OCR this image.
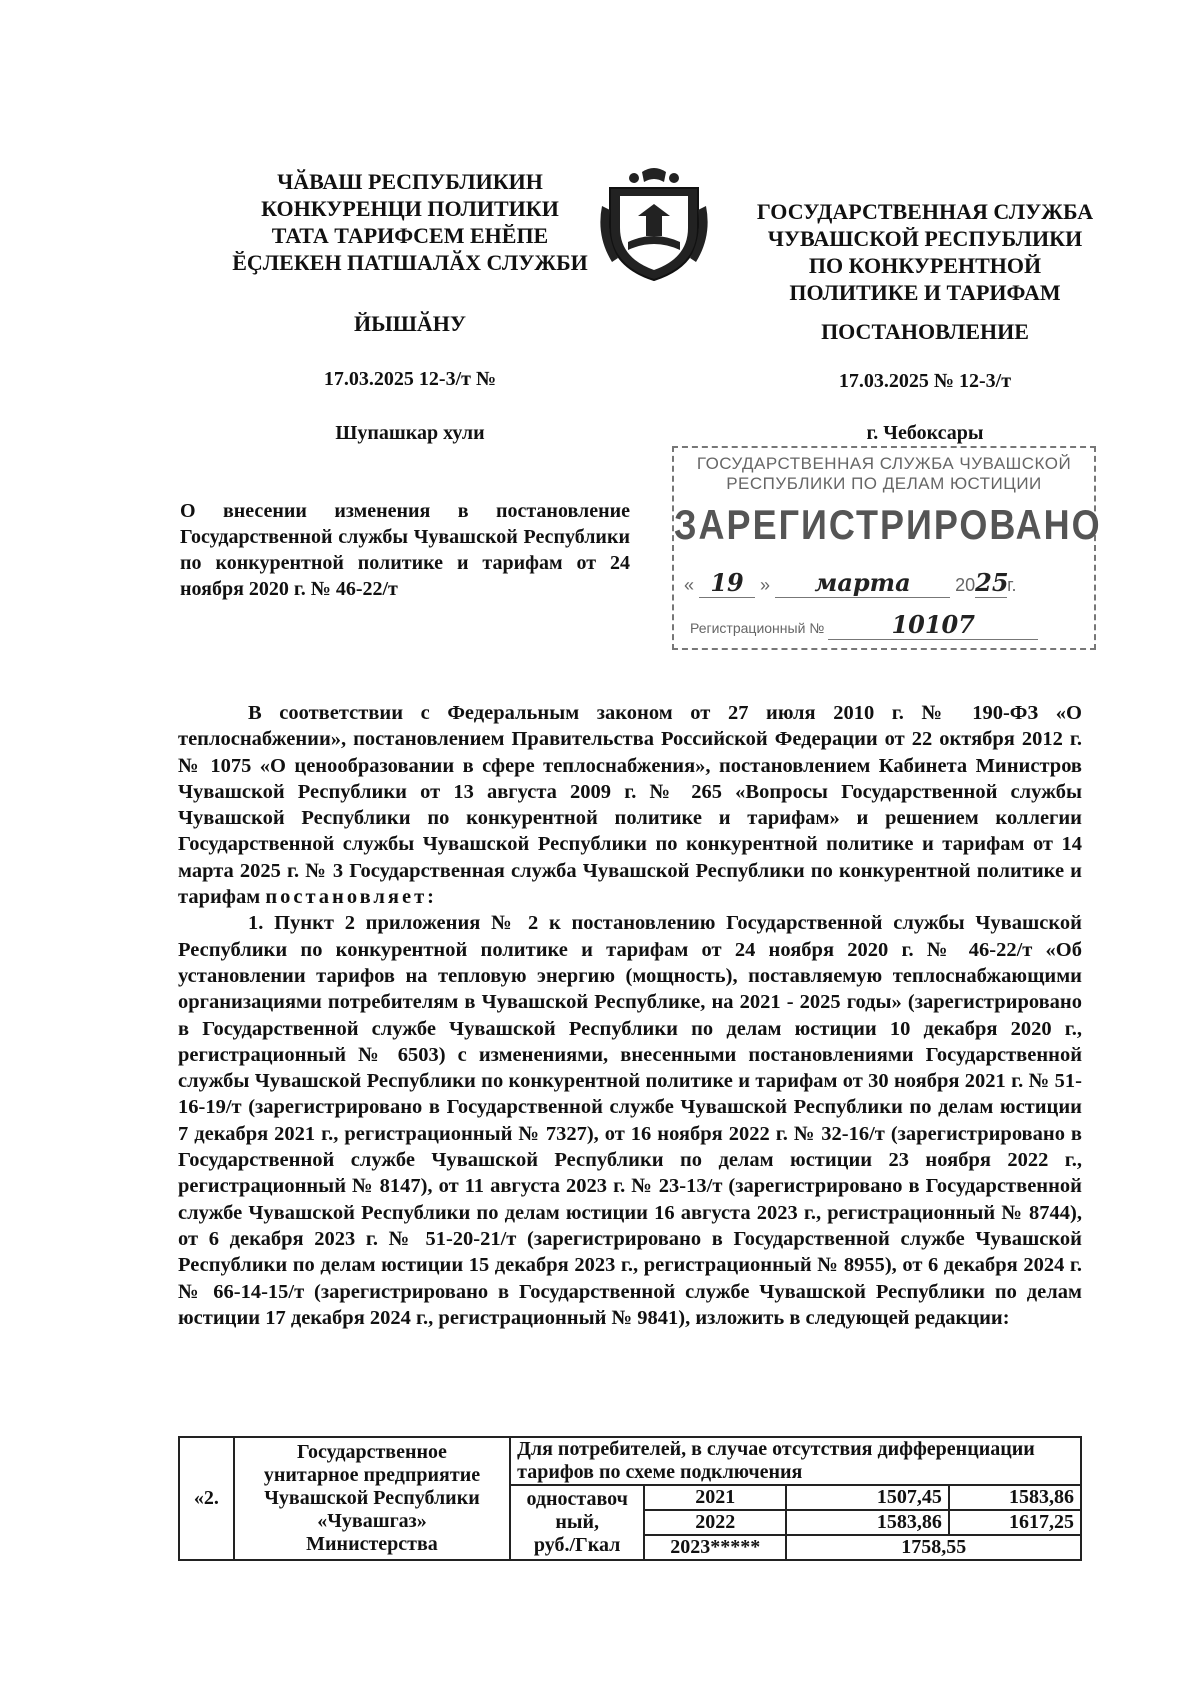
ЧӐВАШ РЕСПУБЛИКИН
КОНКУРЕНЦИ ПОЛИТИКИ
ТАТА ТАРИФСЕМ ЕНӖПЕ
ӖҪЛЕКЕН ПАТШАЛӐХ СЛУЖБИ
ЙЫШӐНУ
17.03.2025 12-3/т №
Шупашкар хули
ГОСУДАРСТВЕННАЯ СЛУЖБА
ЧУВАШСКОЙ РЕСПУБЛИКИ
ПО КОНКУРЕНТНОЙ
ПОЛИТИКЕ И ТАРИФАМ
ПОСТАНОВЛЕНИЕ
17.03.2025 № 12-3/т
г. Чебоксары
ГОСУДАРСТВЕННАЯ СЛУЖБА ЧУВАШСКОЙ
РЕСПУБЛИКИ ПО ДЕЛАМ ЮСТИЦИИ
ЗАРЕГИСТРИРОВАНО
« 19 » марта 2025г.
Регистрационный №	10107
О внесении изменения в постановление Государственной службы Чувашской Республики по конкурентной политике и тарифам от 24 ноября 2020 г. № 46-22/т

В соответствии с Федеральным законом от 27 июля 2010 г. № 190-ФЗ «О теплоснабжении», постановлением Правительства Российской Федерации от 22 октября 2012 г. № 1075 «О ценообразовании в сфере теплоснабжения», постановлением Кабинета Министров Чувашской Республики от 13 августа 2009 г. № 265 «Вопросы Государственной службы Чувашской Республики по конкурентной политике и тарифам» и решением коллегии Государственной службы Чувашской Республики по конкурентной политике и тарифам от 14 марта 2025 г. № 3 Государственная служба Чувашской Республики по конкурентной политике и тарифам постановляет:

1. Пункт 2 приложения № 2 к постановлению Государственной службы Чувашской Республики по конкурентной политике и тарифам от 24 ноября 2020 г. № 46-22/т «Об установлении тарифов на тепловую энергию (мощность), поставляемую теплоснабжающими организациями потребителям в Чувашской Республике, на 2021 - 2025 годы» (зарегистрировано в Государственной службе Чувашской Республики по делам юстиции 10 декабря 2020 г., регистрационный № 6503) с изменениями, внесенными постановлениями Государственной службы Чувашской Республики по конкурентной политике и тарифам от 30 ноября 2021 г. № 51-16-19/т (зарегистрировано в Государственной службе Чувашской Республики по делам юстиции 7 декабря 2021 г., регистрационный № 7327), от 16 ноября 2022 г. № 32-16/т (зарегистрировано в Государственной службе Чувашской Республики по делам юстиции 23 ноября 2022 г., регистрационный № 8147), от 11 августа 2023 г. № 23-13/т (зарегистрировано в Государственной службе Чувашской Республики по делам юстиции 16 августа 2023 г., регистрационный № 8744), от 6 декабря 2023 г. № 51-20-21/т (зарегистрировано в Государственной службе Чувашской Республики по делам юстиции 15 декабря 2023 г., регистрационный № 8955), от 6 декабря 2024 г. № 66-14-15/т (зарегистрировано в Государственной службе Чувашской Республики по делам юстиции 17 декабря 2024 г., регистрационный № 9841), изложить в следующей редакции:

«2.	Государственное
унитарное предприятие
Чувашской Республики
«Чувашгаз»
Министерства	Для потребителей, в случае отсутствия дифференциации тарифов по схеме подключения			

		одноставоч
ный,
руб./Гкал	2021	1507,45	1583,86
			2022	1583,86	1617,25
			2023*****	1758,55	
